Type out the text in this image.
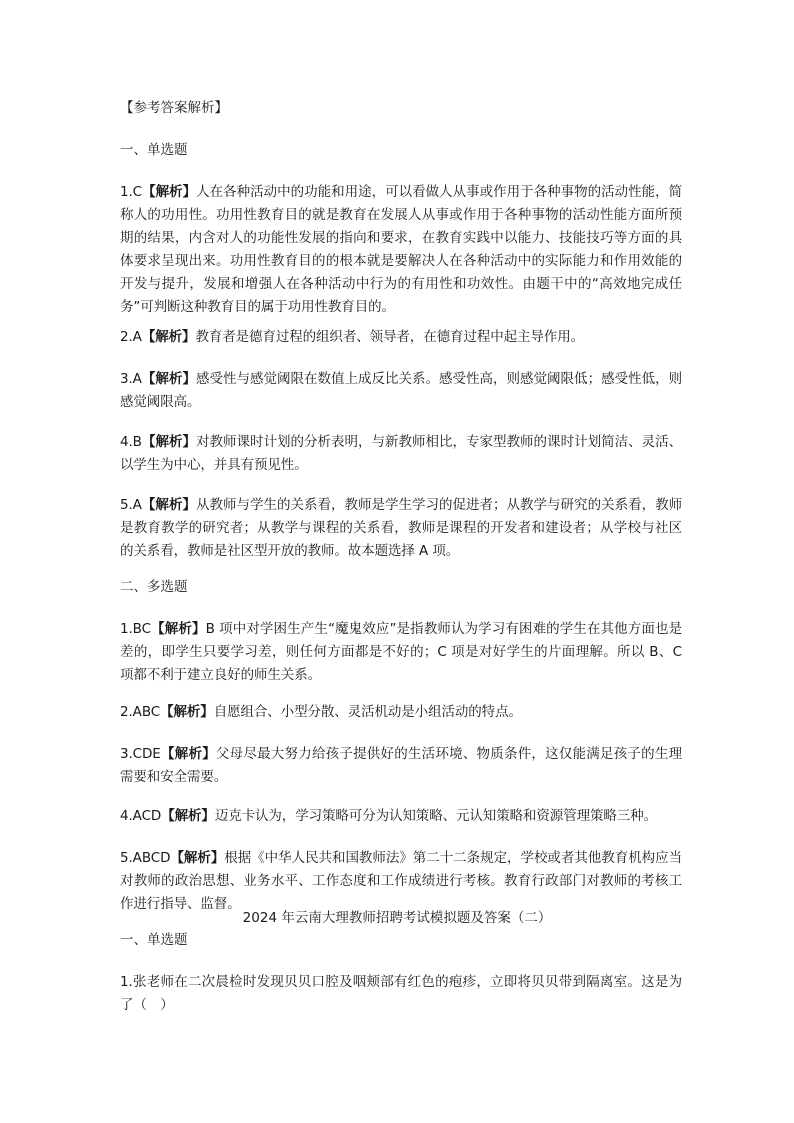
【参考答案解析】

一、单选题

1.C【解析】人在各种活动中的功能和用途，可以看做人从事或作用于各种事物的活动性能，简称人的功用性。功用性教育目的就是教育在发展人从事或作用于各种事物的活动性能方面所预期的结果，内含对人的功能性发展的指向和要求，在教育实践中以能力、技能技巧等方面的具体要求呈现出来。功用性教育目的的根本就是要解决人在各种活动中的实际能力和作用效能的开发与提升，发展和增强人在各种活动中行为的有用性和功效性。由题干中的“高效地完成任务”可判断这种教育目的属于功用性教育目的。

2.A【解析】教育者是德育过程的组织者、领导者，在德育过程中起主导作用。

3.A【解析】感受性与感觉阈限在数值上成反比关系。感受性高，则感觉阈限低；感受性低，则感觉阈限高。

4.B【解析】对教师课时计划的分析表明，与新教师相比，专家型教师的课时计划简洁、灵活、以学生为中心，并具有预见性。

5.A【解析】从教师与学生的关系看，教师是学生学习的促进者；从教学与研究的关系看，教师是教育教学的研究者；从教学与课程的关系看，教师是课程的开发者和建设者；从学校与社区的关系看，教师是社区型开放的教师。故本题选择 A 项。

二、多选题

1.BC【解析】B 项中对学困生产生“魔鬼效应”是指教师认为学习有困难的学生在其他方面也是差的，即学生只要学习差，则任何方面都是不好的；C 项是对好学生的片面理解。所以 B、C 项都不利于建立良好的师生关系。

2.ABC【解析】自愿组合、小型分散、灵活机动是小组活动的特点。

3.CDE【解析】父母尽最大努力给孩子提供好的生活环境、物质条件，这仅能满足孩子的生理需要和安全需要。

4.ACD【解析】迈克卡认为，学习策略可分为认知策略、元认知策略和资源管理策略三种。

5.ABCD【解析】根据《中华人民共和国教师法》第二十二条规定，学校或者其他教育机构应当对教师的政治思想、业务水平、工作态度和工作成绩进行考核。教育行政部门对教师的考核工作进行指导、监督。

2024 年云南大理教师招聘考试模拟题及答案（二）

一、单选题

1.张老师在二次晨检时发现贝贝口腔及咽颊部有红色的疱疹，立即将贝贝带到隔离室。这是为了（　）
